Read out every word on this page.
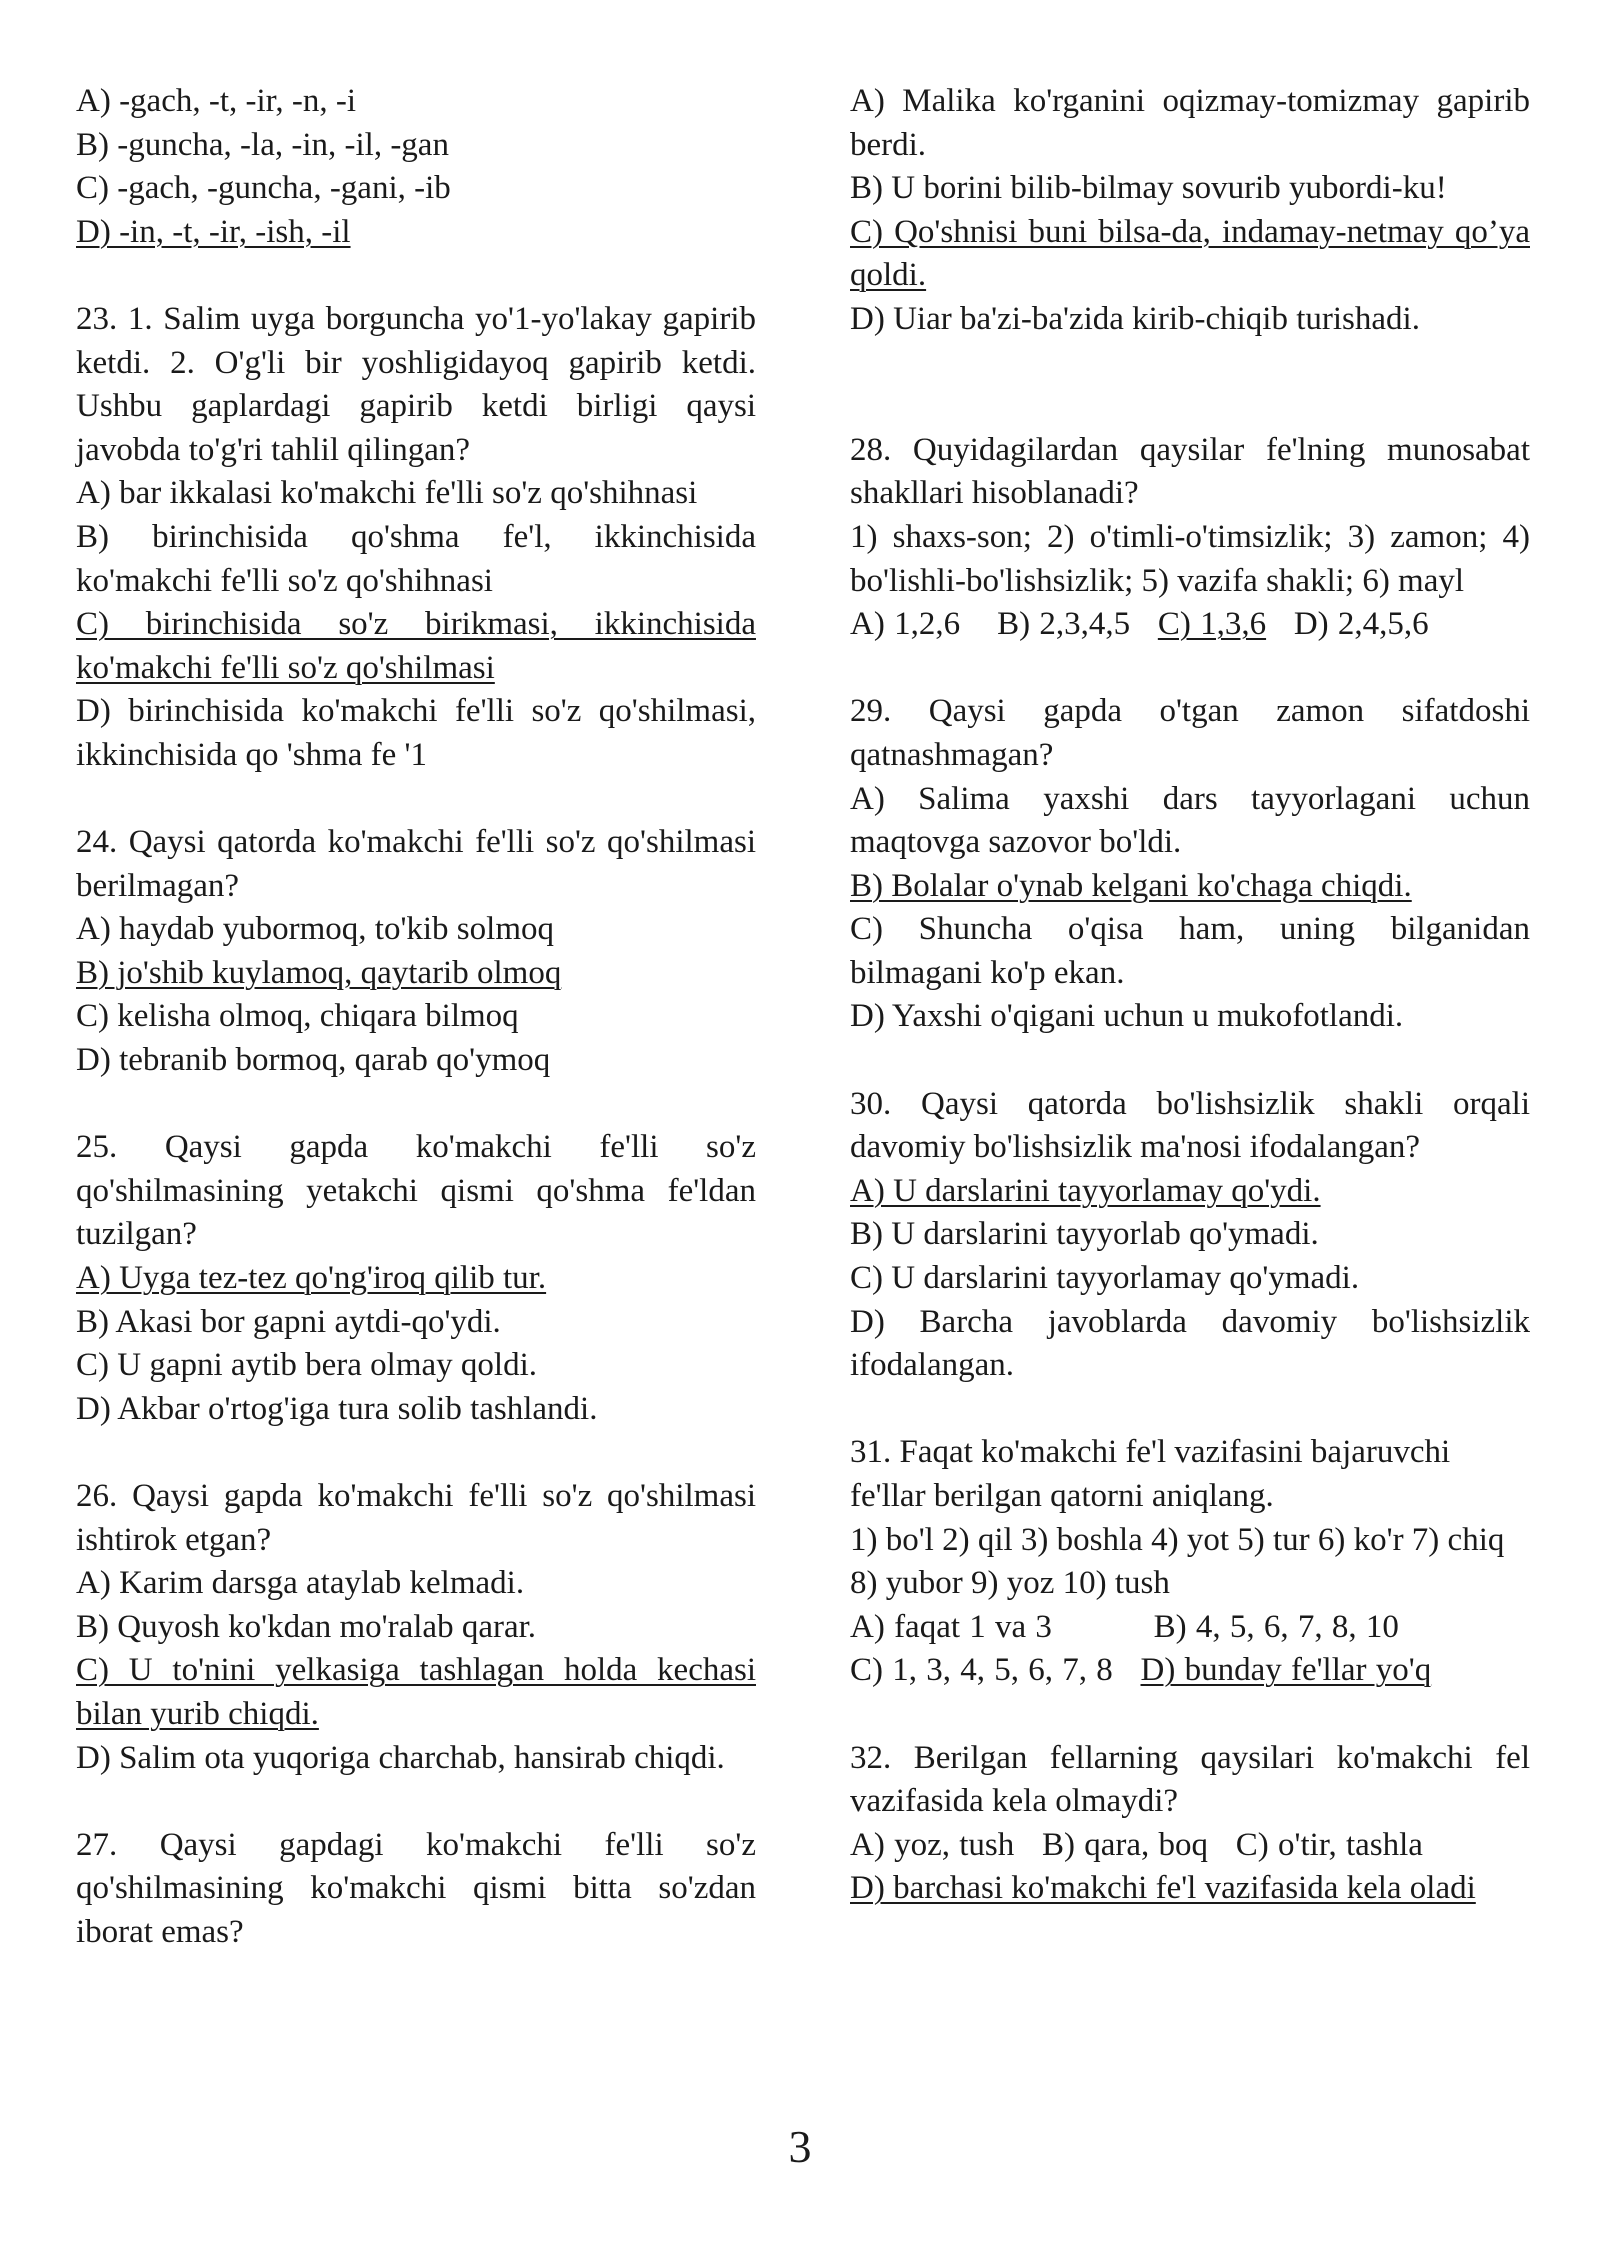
A) -gach, -t, -ir, -n, -i
B) -guncha, -la, -in, -il, -gan
C) -gach, -guncha, -gani, -ib
D) -in, -t, -ir, -ish, -il
23. 1. Salim uyga borguncha yo'1-yo'lakay gapirib ketdi. 2. O'g'li bir yoshligidayoq gapirib ketdi. Ushbu gaplardagi gapirib ketdi birligi qaysi javobda to'g'ri tahlil qilingan?
A) bar ikkalasi ko'makchi fe'lli so'z qo'shihnasi
B) birinchisida qo'shma fe'l, ikkinchisida ko'makchi fe'lli so'z qo'shihnasi
C) birinchisida so'z birikmasi, ikkinchisida ko'makchi fe'lli so'z qo'shilmasi
D) birinchisida ko'makchi fe'lli so'z qo'shilmasi, ikkinchisida qo 'shma fe '1
24. Qaysi qatorda ko'makchi fe'lli so'z qo'shilmasi berilmagan?
A) haydab yubormoq, to'kib solmoq
B) jo'shib kuylamoq, qaytarib olmoq
C) kelisha olmoq, chiqara bilmoq
D) tebranib bormoq, qarab qo'ymoq
25. Qaysi gapda ko'makchi fe'lli so'z qo'shilmasining yetakchi qismi qo'shma fe'ldan tuzilgan?
A) Uyga tez-tez qo'ng'iroq qilib tur.
B) Akasi bor gapni aytdi-qo'ydi.
C) U gapni aytib bera olmay qoldi.
D) Akbar o'rtog'iga tura solib tashlandi.
26. Qaysi gapda ko'makchi fe'lli so'z qo'shilmasi ishtirok etgan?
A) Karim darsga ataylab kelmadi.
B) Quyosh ko'kdan mo'ralab qarar.
C) U to'nini yelkasiga tashlagan holda kechasi bilan yurib chiqdi.
D) Salim ota yuqoriga charchab, hansirab chiqdi.
27. Qaysi gapdagi ko'makchi fe'lli so'z qo'shilmasining ko'makchi qismi bitta so'zdan iborat emas?
A) Malika ko'rganini oqizmay-tomizmay gapirib berdi.
B) U borini bilib-bilmay sovurib yubordi-ku!
C) Qo'shnisi buni bilsa-da, indamay-netmay qo’ya qoldi.
D) Uiar ba'zi-ba'zida kirib-chiqib turishadi.
28. Quyidagilardan qaysilar fe'lning munosabat shakllari hisoblanadi?
1) shaxs-son; 2) o'timli-o'timsizlik; 3) zamon; 4) bo'lishli-bo'lishsizlik; 5) vazifa shakli; 6) mayl
A) 1,2,6 B) 2,3,4,5 C) 1,3,6 D) 2,4,5,6
29. Qaysi gapda o'tgan zamon sifatdoshi qatnashmagan?
A) Salima yaxshi dars tayyorlagani uchun maqtovga sazovor bo'ldi.
B) Bolalar o'ynab kelgani ko'chaga chiqdi.
C) Shuncha o'qisa ham, uning bilganidan bilmagani ko'p ekan.
D) Yaxshi o'qigani uchun u mukofotlandi.
30. Qaysi qatorda bo'lishsizlik shakli orqali davomiy bo'lishsizlik ma'nosi ifodalangan?
A) U darslarini tayyorlamay qo'ydi.
B) U darslarini tayyorlab qo'ymadi.
C) U darslarini tayyorlamay qo'ymadi.
D) Barcha javoblarda davomiy bo'lishsizlik ifodalangan.
31. Faqat ko'makchi fe'l vazifasini bajaruvchi fe'llar berilgan qatorni aniqlang.
1) bo'l 2) qil 3) boshla 4) yot 5) tur 6) ko'r 7) chiq 8) yubor 9) yoz 10) tush
A) faqat 1 va 3	B) 4, 5, 6, 7, 8, 10
C) 1, 3, 4, 5, 6, 7, 8 D) bunday fe'llar yo'q
32. Berilgan fellarning qaysilari ko'makchi fel vazifasida kela olmaydi?
A) yoz, tush B) qara, boq C) o'tir, tashla
D) barchasi ko'makchi fe'l vazifasida kela oladi
3
